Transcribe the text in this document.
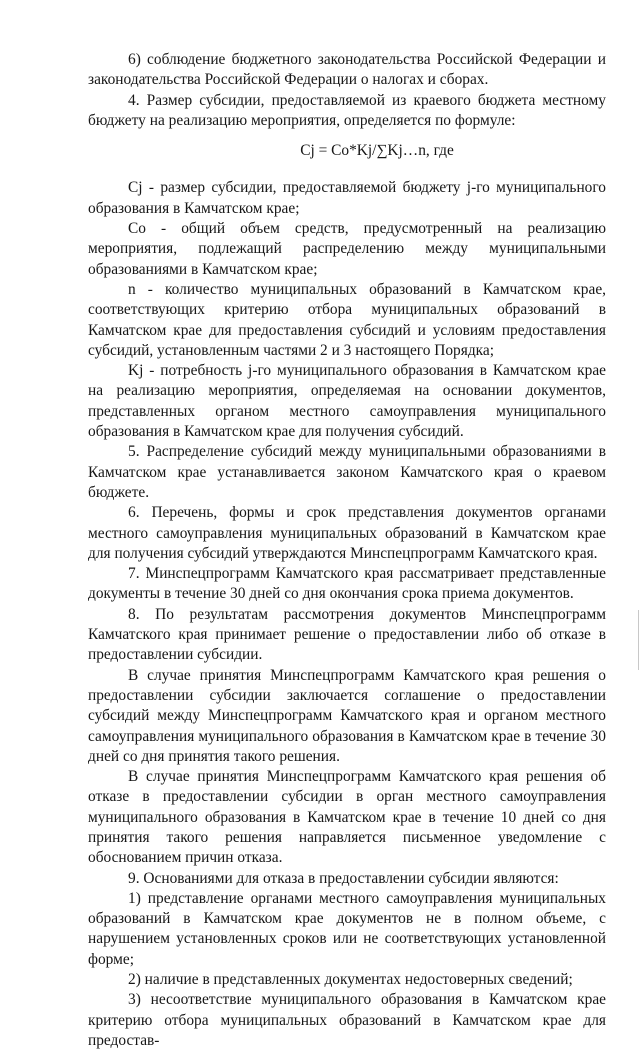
6) соблюдение бюджетного законодательства Российской Федерации и законодательства Российской Федерации о налогах и сборах.

4. Размер субсидии, предоставляемой из краевого бюджета местному бюджету на реализацию мероприятия, определяется по формуле:

Cj = Co*Kj/∑Kj…n, где

Cj - размер субсидии, предоставляемой бюджету j-го муниципального образования в Камчатском крае;

Со - общий объем средств, предусмотренный на реализацию мероприятия, подлежащий распределению между муниципальными образованиями в Камчатском крае;

n - количество муниципальных образований в Камчатском крае, соответствующих критерию отбора муниципальных образований в Камчатском крае для предоставления субсидий и условиям предоставления субсидий, установленным частями 2 и 3 настоящего Порядка;

Kj - потребность j-го муниципального образования в Камчатском крае на реализацию мероприятия, определяемая на основании документов, представленных органом местного самоуправления муниципального образования в Камчатском крае для получения субсидий.

5. Распределение субсидий между муниципальными образованиями в Камчатском крае устанавливается законом Камчатского края о краевом бюджете.

6. Перечень, формы и срок представления документов органами местного самоуправления муниципальных образований в Камчатском крае для получения субсидий утверждаются Минспецпрограмм Камчатского края.

7. Минспецпрограмм Камчатского края рассматривает представленные документы в течение 30 дней со дня окончания срока приема документов.

8. По результатам рассмотрения документов Минспецпрограмм Камчатского края принимает решение о предоставлении либо об отказе в предоставлении субсидии.

В случае принятия Минспецпрограмм Камчатского края решения о предоставлении субсидии заключается соглашение о предоставлении субсидий между Минспецпрограмм Камчатского края и органом местного самоуправления муниципального образования в Камчатском крае в течение 30 дней со дня принятия такого решения.

В случае принятия Минспецпрограмм Камчатского края решения об отказе в предоставлении субсидии в орган местного самоуправления муниципального образования в Камчатском крае в течение 10 дней со дня принятия такого решения направляется письменное уведомление с обоснованием причин отказа.

9. Основаниями для отказа в предоставлении субсидии являются:

1) представление органами местного самоуправления муниципальных образований в Камчатском крае документов не в полном объеме, с нарушением установленных сроков или не соответствующих установленной форме;

2) наличие в представленных документах недостоверных сведений;

3) несоответствие муниципального образования в Камчатском крае критерию отбора муниципальных образований в Камчатском крае для предостав-
